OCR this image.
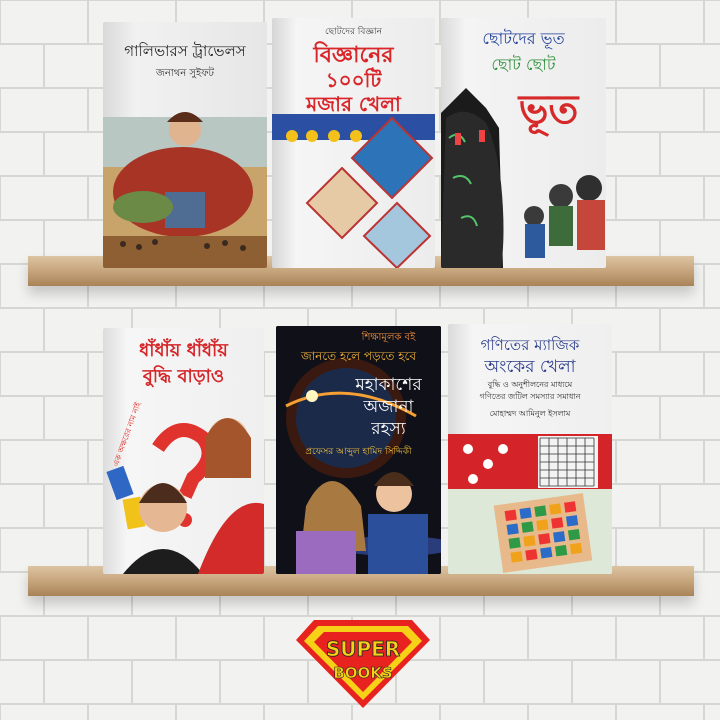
গালিভারস ট্রাভেলস
জনাথন সুইফট
ছোটদের বিজ্ঞান
বিজ্ঞানের
১০০টি
মজার খেলা
ছোটদের ভূত
ছোট ছোট
ভূত
ধাঁধাঁয় ধাঁধাঁয়
বুদ্ধি বাড়াও
এক অক্ষরের নাম নাই
শিক্ষামূলক বই
জানতে হলে পড়তে হবে
মহাকাশের
অজানা
রহস্য
প্রফেসর আব্দুল হামিদ সিদ্দিকী
গণিতের ম্যাজিক
অংকের খেলা
বুদ্ধি ও অনুশীলনের মাধ্যমে
গণিতের জটিল সমস্যার সমাধান
মোহাম্মদ আমিনুল ইসলাম
SUPER
BOOKS
